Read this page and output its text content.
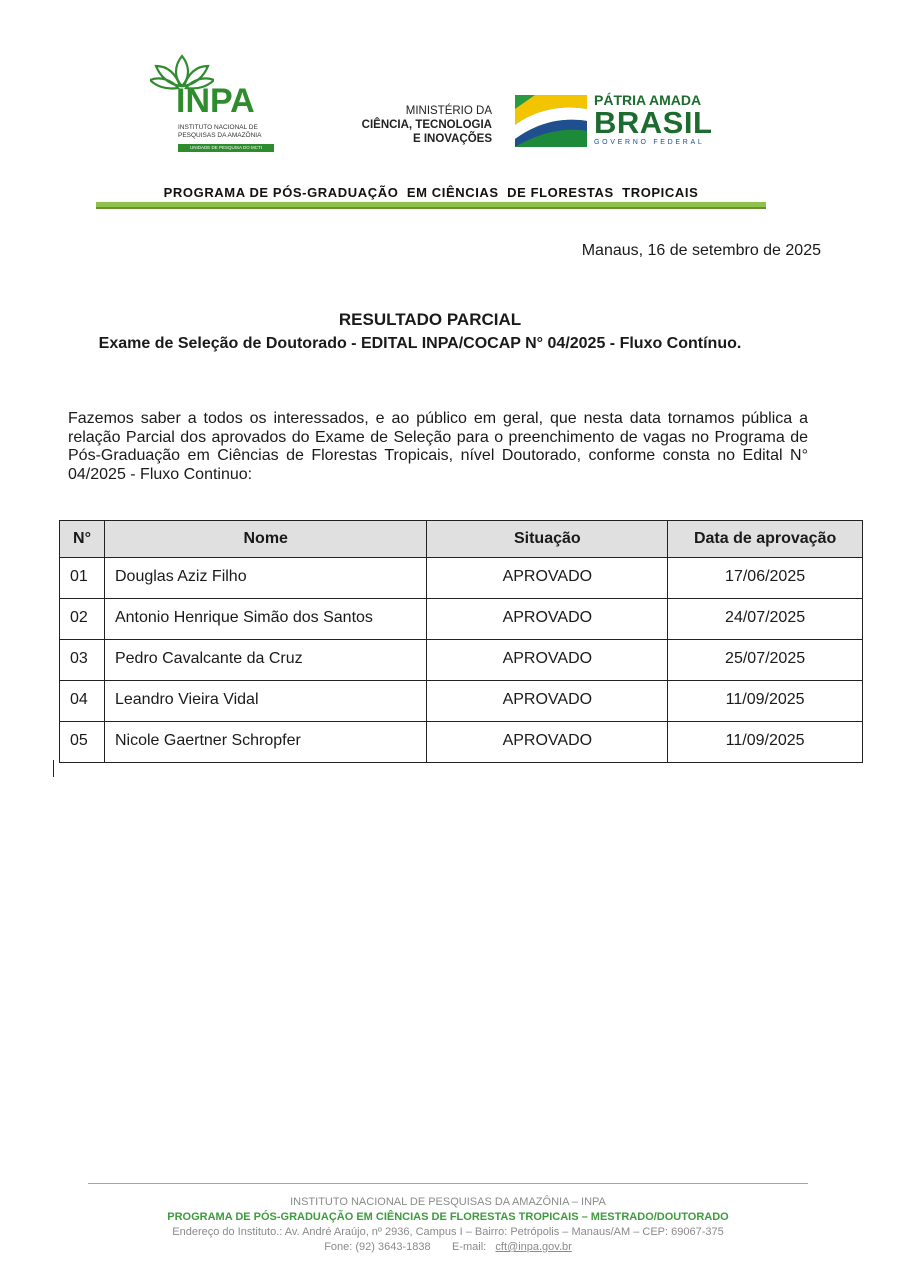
INPA
INSTITUTO NACIONAL DE PESQUISAS DA AMAZÔNIA
UNIDADE DE PESQUISA DO MCTI
MINISTÉRIO DA
CIÊNCIA, TECNOLOGIA
E INOVAÇÕES
PÁTRIA AMADA
BRASIL
GOVERNO FEDERAL
PROGRAMA DE PÓS-GRADUAÇÃO  EM CIÊNCIAS  DE FLORESTAS  TROPICAIS
Manaus, 16 de setembro de 2025
RESULTADO PARCIAL
Exame de Seleção de Doutorado - EDITAL INPA/COCAP N° 04/2025 - Fluxo Contínuo.
Fazemos saber a todos os interessados, e ao público em geral, que nesta data tornamos pública a relação Parcial dos aprovados do Exame de Seleção para o preenchimento de vagas no Programa de Pós-Graduação em Ciências de Florestas Tropicais, nível Doutorado, conforme consta no Edital N° 04/2025 - Fluxo Continuo:
N°	Nome	Situação	Data de aprovação
01	Douglas Aziz Filho	APROVADO	17/06/2025
02	Antonio Henrique Simão dos Santos	APROVADO	24/07/2025
03	Pedro Cavalcante da Cruz	APROVADO	25/07/2025
04	Leandro Vieira Vidal	APROVADO	11/09/2025
05	Nicole Gaertner Schropfer	APROVADO	11/09/2025
INSTITUTO NACIONAL DE PESQUISAS DA AMAZÔNIA – INPA
PROGRAMA DE PÓS-GRADUAÇÃO EM CIÊNCIAS DE FLORESTAS TROPICAIS – MESTRADO/DOUTORADO
Endereço do Instituto.: Av. André Araújo, nº 2936, Campus I – Bairro: Petrópolis – Manaus/AM – CEP: 69067-375
Fone: (92) 3643-1838 E-mail: cft@inpa.gov.br
